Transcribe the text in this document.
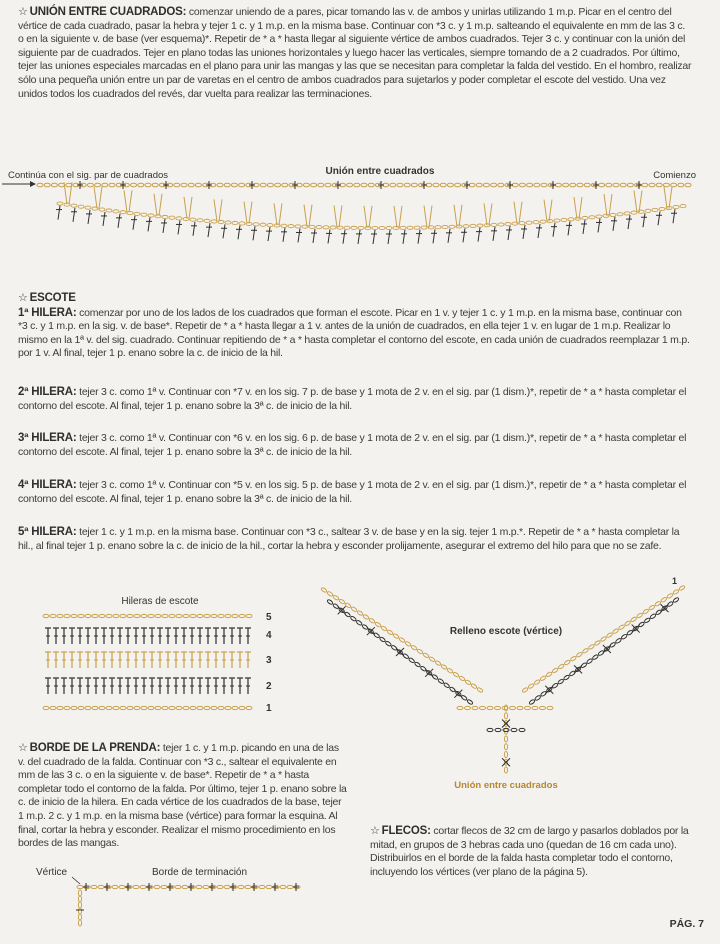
☆ UNIÓN ENTRE CUADRADOS: comenzar uniendo de a pares, picar tomando las v. de ambos y unirlas utilizando 1 m.p. Picar en el centro del vértice de cada cuadrado, pasar la hebra y tejer 1 c. y 1 m.p. en la misma base. Continuar con *3 c. y 1 m.p. salteando el equivalente en mm de las 3 c. o en la siguiente v. de base (ver esquema)*. Repetir de * a * hasta llegar al siguiente vértice de ambos cuadrados. Tejer 3 c. y continuar con la unión del siguiente par de cuadrados. Tejer en plano todas las uniones horizontales y luego hacer las verticales, siempre tomando de a 2 cuadrados. Por último, tejer las uniones especiales marcadas en el plano para unir las mangas y las que se necesitan para completar la falda del vestido. En el hombro, realizar sólo una pequeña unión entre un par de varetas en el centro de ambos cuadrados para sujetarlos y poder completar el escote del vestido. Una vez unidos todos los cuadrados del revés, dar vuelta para realizar las terminaciones.
Unión entre cuadrados
Continúa con el sig. par de cuadrados	Comienzo
☆ ESCOTE
1ª HILERA: comenzar por uno de los lados de los cuadrados que forman el escote. Picar en 1 v. y tejer 1 c. y 1 m.p. en la misma base, continuar con *3 c. y 1 m.p. en la sig. v. de base*. Repetir de * a * hasta llegar a 1 v. antes de la unión de cuadrados, en ella tejer 1 v. en lugar de 1 m.p. Realizar lo mismo en la 1ª v. del sig. cuadrado. Continuar repitiendo de * a * hasta completar el contorno del escote, en cada unión de cuadrados reemplazar 1 m.p. por 1 v. Al final, tejer 1 p. enano sobre la c. de inicio de la hil.
2ª HILERA: tejer 3 c. como 1ª v. Continuar con *7 v. en los sig. 7 p. de base y 1 mota de 2 v. en el sig. par (1 dism.)*, repetir de * a * hasta completar el contorno del escote. Al final, tejer 1 p. enano sobre la 3ª c. de inicio de la hil.
3ª HILERA: tejer 3 c. como 1ª v. Continuar con *6 v. en los sig. 6 p. de base y 1 mota de 2 v. en el sig. par (1 dism.)*, repetir de * a * hasta completar el contorno del escote. Al final, tejer 1 p. enano sobre la 3ª c. de inicio de la hil.
4ª HILERA: tejer 3 c. como 1ª v. Continuar con *5 v. en los sig. 5 p. de base y 1 mota de 2 v. en el sig. par (1 dism.)*, repetir de * a * hasta completar el contorno del escote. Al final, tejer 1 p. enano sobre la 3ª c. de inicio de la hil.
5ª HILERA: tejer 1 c. y 1 m.p. en la misma base. Continuar con *3 c., saltear 3 v. de base y en la sig. tejer 1 m.p.*. Repetir de * a * hasta completar la hil., al final tejer 1 p. enano sobre la c. de inicio de la hil., cortar la hebra y esconder prolijamente, asegurar el extremo del hilo para que no se zafe.
Hileras de escote
5
4
3
2
1
1
Relleno escote (vértice)
Unión entre cuadrados
☆ BORDE DE LA PRENDA: tejer 1 c. y 1 m.p. picando en una de las v. del cuadrado de la falda. Continuar con *3 c., saltear el equivalente en mm de las 3 c. o en la siguiente v. de base*. Repetir de * a * hasta completar todo el contorno de la falda. Por último, tejer 1 p. enano sobre la c. de inicio de la hilera. En cada vértice de los cuadrados de la base, tejer 1 m.p. 2 c. y 1 m.p. en la misma base (vértice) para formar la esquina. Al final, cortar la hebra y esconder. Realizar el mismo procedimiento en los bordes de las mangas.
☆ FLECOS: cortar flecos de 32 cm de largo y pasarlos doblados por la mitad, en grupos de 3 hebras cada uno (quedan de 16 cm cada uno). Distribuirlos en el borde de la falda hasta completar todo el contorno, incluyendo los vértices (ver plano de la página 5).
Vértice	Borde de terminación
PÁG. 7
